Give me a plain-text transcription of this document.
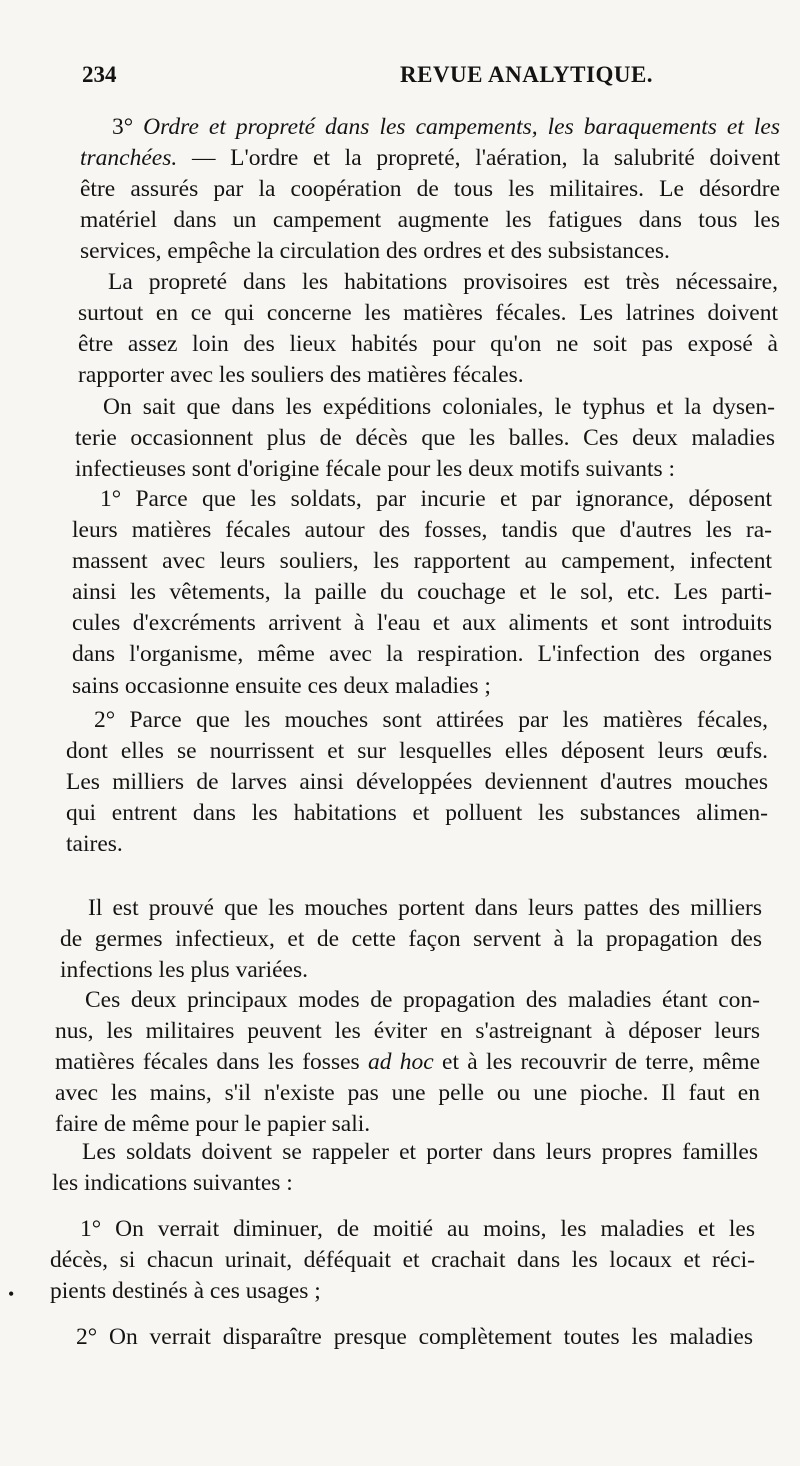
234	REVUE ANALYTIQUE.
3° Ordre et propreté dans les campements, les baraquements et les
tranchées. — L'ordre et la propreté, l'aération, la salubrité doivent
être assurés par la coopération de tous les militaires. Le désordre
matériel dans un campement augmente les fatigues dans tous les
services, empêche la circulation des ordres et des subsistances.
La propreté dans les habitations provisoires est très nécessaire,
surtout en ce qui concerne les matières fécales. Les latrines doivent
être assez loin des lieux habités pour qu'on ne soit pas exposé à
rapporter avec les souliers des matières fécales.
On sait que dans les expéditions coloniales, le typhus et la dysen-
terie occasionnent plus de décès que les balles. Ces deux maladies
infectieuses sont d'origine fécale pour les deux motifs suivants :
1° Parce que les soldats, par incurie et par ignorance, déposent
leurs matières fécales autour des fosses, tandis que d'autres les ra-
massent avec leurs souliers, les rapportent au campement, infectent
ainsi les vêtements, la paille du couchage et le sol, etc. Les parti-
cules d'excréments arrivent à l'eau et aux aliments et sont introduits
dans l'organisme, même avec la respiration. L'infection des organes
sains occasionne ensuite ces deux maladies ;
2° Parce que les mouches sont attirées par les matières fécales,
dont elles se nourrissent et sur lesquelles elles déposent leurs œufs.
Les milliers de larves ainsi développées deviennent d'autres mouches
qui entrent dans les habitations et polluent les substances alimen-
taires.
Il est prouvé que les mouches portent dans leurs pattes des milliers
de germes infectieux, et de cette façon servent à la propagation des
infections les plus variées.
Ces deux principaux modes de propagation des maladies étant con-
nus, les militaires peuvent les éviter en s'astreignant à déposer leurs
matières fécales dans les fosses ad hoc et à les recouvrir de terre, même
avec les mains, s'il n'existe pas une pelle ou une pioche. Il faut en
faire de même pour le papier sali.
Les soldats doivent se rappeler et porter dans leurs propres familles
les indications suivantes :
1° On verrait diminuer, de moitié au moins, les maladies et les
décès, si chacun urinait, déféquait et crachait dans les locaux et réci-
pients destinés à ces usages ;
2° On verrait disparaître presque complètement toutes les maladies
•
